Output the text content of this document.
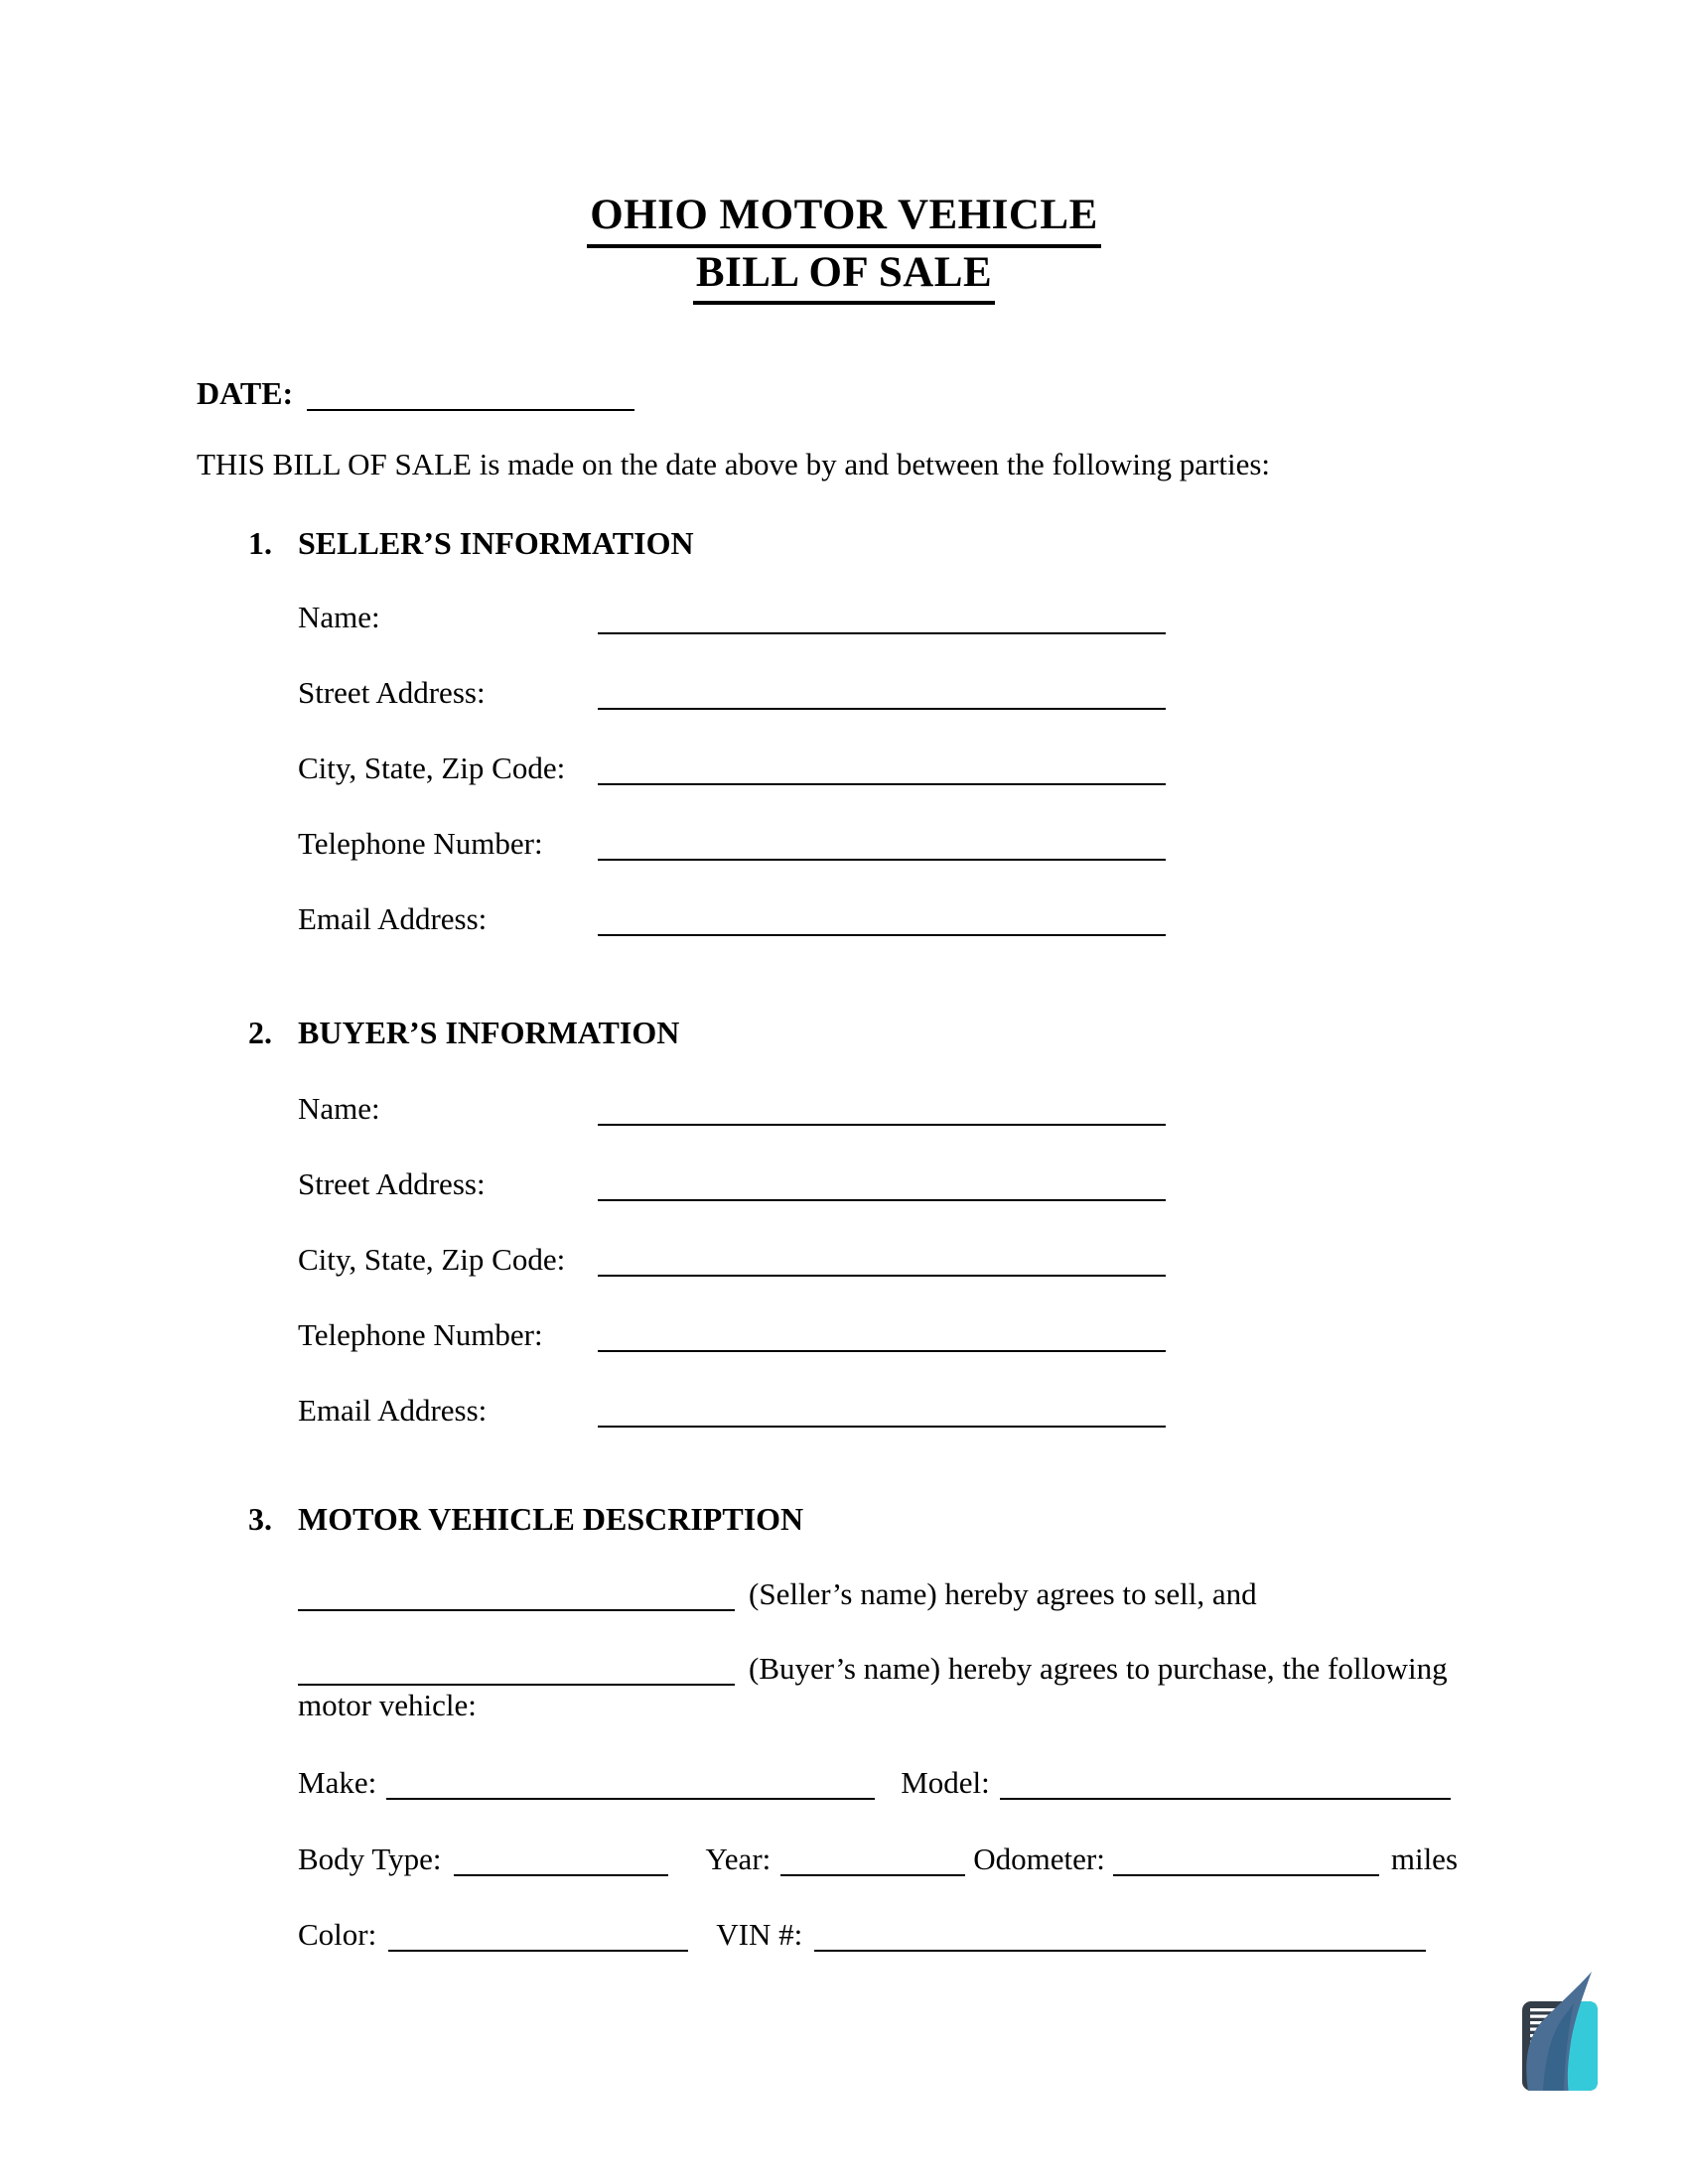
OHIO MOTOR VEHICLE
BILL OF SALE
DATE:
THIS BILL OF SALE is made on the date above by and between the following parties:
1. SELLER’S INFORMATION
Name:
Street Address:
City, State, Zip Code:
Telephone Number:
Email Address:
2. BUYER’S INFORMATION
Name:
Street Address:
City, State, Zip Code:
Telephone Number:
Email Address:
3. MOTOR VEHICLE DESCRIPTION
(Seller’s name) hereby agrees to sell, and
(Buyer’s name) hereby agrees to purchase, the following
motor vehicle:
Make:	Model:
Body Type:	Year:	Odometer:	miles
Color:	VIN #:
